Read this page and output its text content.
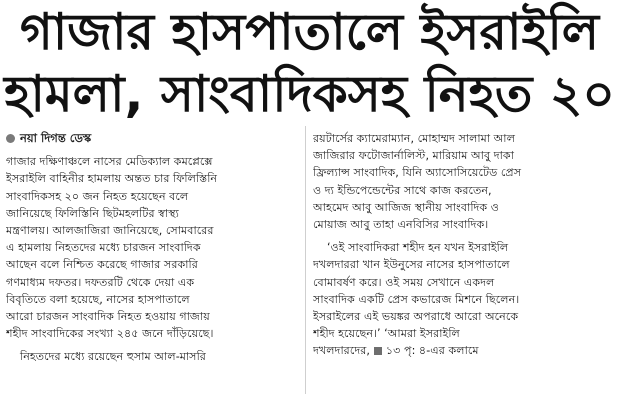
গাজার হাসপাতালে ইসরাইলি
হামলা, সাংবাদিকসহ নিহত ২০
নয়া দিগন্ত ডেস্ক
গাজার দক্ষিণাঞ্চলে নাসের মেডিক্যাল কমপ্লেক্সে
ইসরাইলি বাহিনীর হামলায় অন্তত চার ফিলিস্তিনি
সাংবাদিকসহ ২০ জন নিহত হয়েছেন বলে
জানিয়েছে ফিলিস্তিনি ছিটমহলটির স্বাস্থ্য
মন্ত্রণালয়। আলজাজিরা জানিয়েছে, সোমবারের
এ হামলায় নিহতদের মধ্যে চারজন সাংবাদিক
আছেন বলে নিশ্চিত করেছে গাজার সরকারি
গণমাধ্যম দফতর। দফতরটি থেকে দেয়া এক
বিবৃতিতে বলা হয়েছে, নাসের হাসপাতালে
আরো চারজন সাংবাদিক নিহত হওয়ায় গাজায়
শহীদ সাংবাদিকের সংখ্যা ২৪৫ জনে দাঁড়িয়েছে।
নিহতদের মধ্যে রয়েছেন হুসাম আল-মাসরি
রয়টার্সের ক্যামেরাম্যান, মোহাম্মদ সালামা আল
জাজিরার ফটোজার্নালিস্ট, মারিয়াম আবু দাকা
ফ্রিল্যান্স সাংবাদিক, যিনি অ্যাসোসিয়েটেড প্রেস
ও দ্য ইন্ডিপেন্ডেন্টের সাথে কাজ করতেন,
আহমেদ আবু আজিজ স্থানীয় সাংবাদিক ও
মোয়াজ আবু তাহা এনবিসির সাংবাদিক।
‘ওই সাংবাদিকরা শহীদ হন যখন ইসরাইলি
দখলদাররা খান ইউনুসের নাসের হাসপাতালে
বোমাবর্ষণ করে। ওই সময় সেখানে একদল
সাংবাদিক একটি প্রেস কভারেজ মিশনে ছিলেন।
ইসরাইলের এই ভয়ঙ্কর অপরাধে আরো অনেকে
শহীদ হয়েছেন।’ ‘আমরা ইসরাইলি
দখলদারদের, ১৩ পৃ: ৪-এর কলামে
